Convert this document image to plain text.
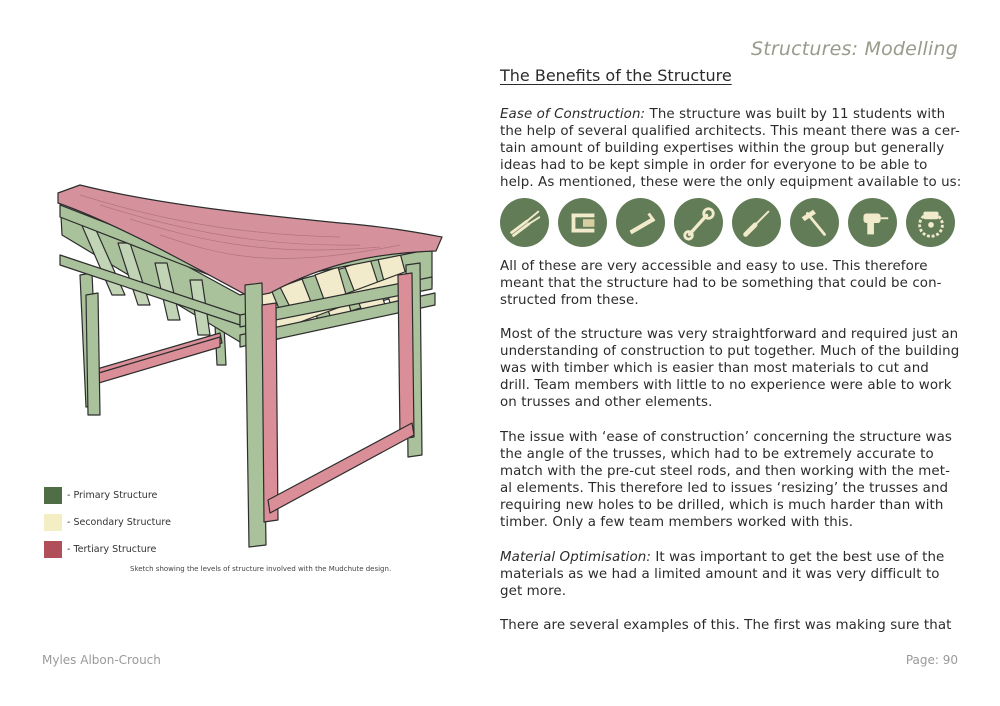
Structures: Modelling
The Benefits of the Structure

Ease of Construction: The structure was built by 11 students with the help of several qualified architects. This meant there was a cer-tain amount of building expertises within the group but generally ideas had to be kept simple in order for everyone to be able to help. As mentioned, these were the only equipment available to us:

All of these are very accessible and easy to use. This therefore meant that the structure had to be something that could be con-structed from these.

Most of the structure was very straightforward and required just an understanding of construction to put together. Much of the building was with timber which is easier than most materials to cut and drill. Team members with little to no experience were able to work on trusses and other elements.

The issue with ‘ease of construction’ concerning the structure was the angle of the trusses, which had to be extremely accurate to match with the pre-cut steel rods, and then working with the met-al elements. This therefore led to issues ‘resizing’ the trusses and requiring new holes to be drilled, which is much harder than with timber. Only a few team members worked with this.

Material Optimisation: It was important to get the best use of the materials as we had a limited amount and it was very difficult to get more.

There are several examples of this. The first was making sure that

- Primary Structure
- Secondary Structure
- Tertiary Structure
Sketch showing the levels of structure involved with the Mudchute design.
Myles Albon-Crouch	Page: 90
